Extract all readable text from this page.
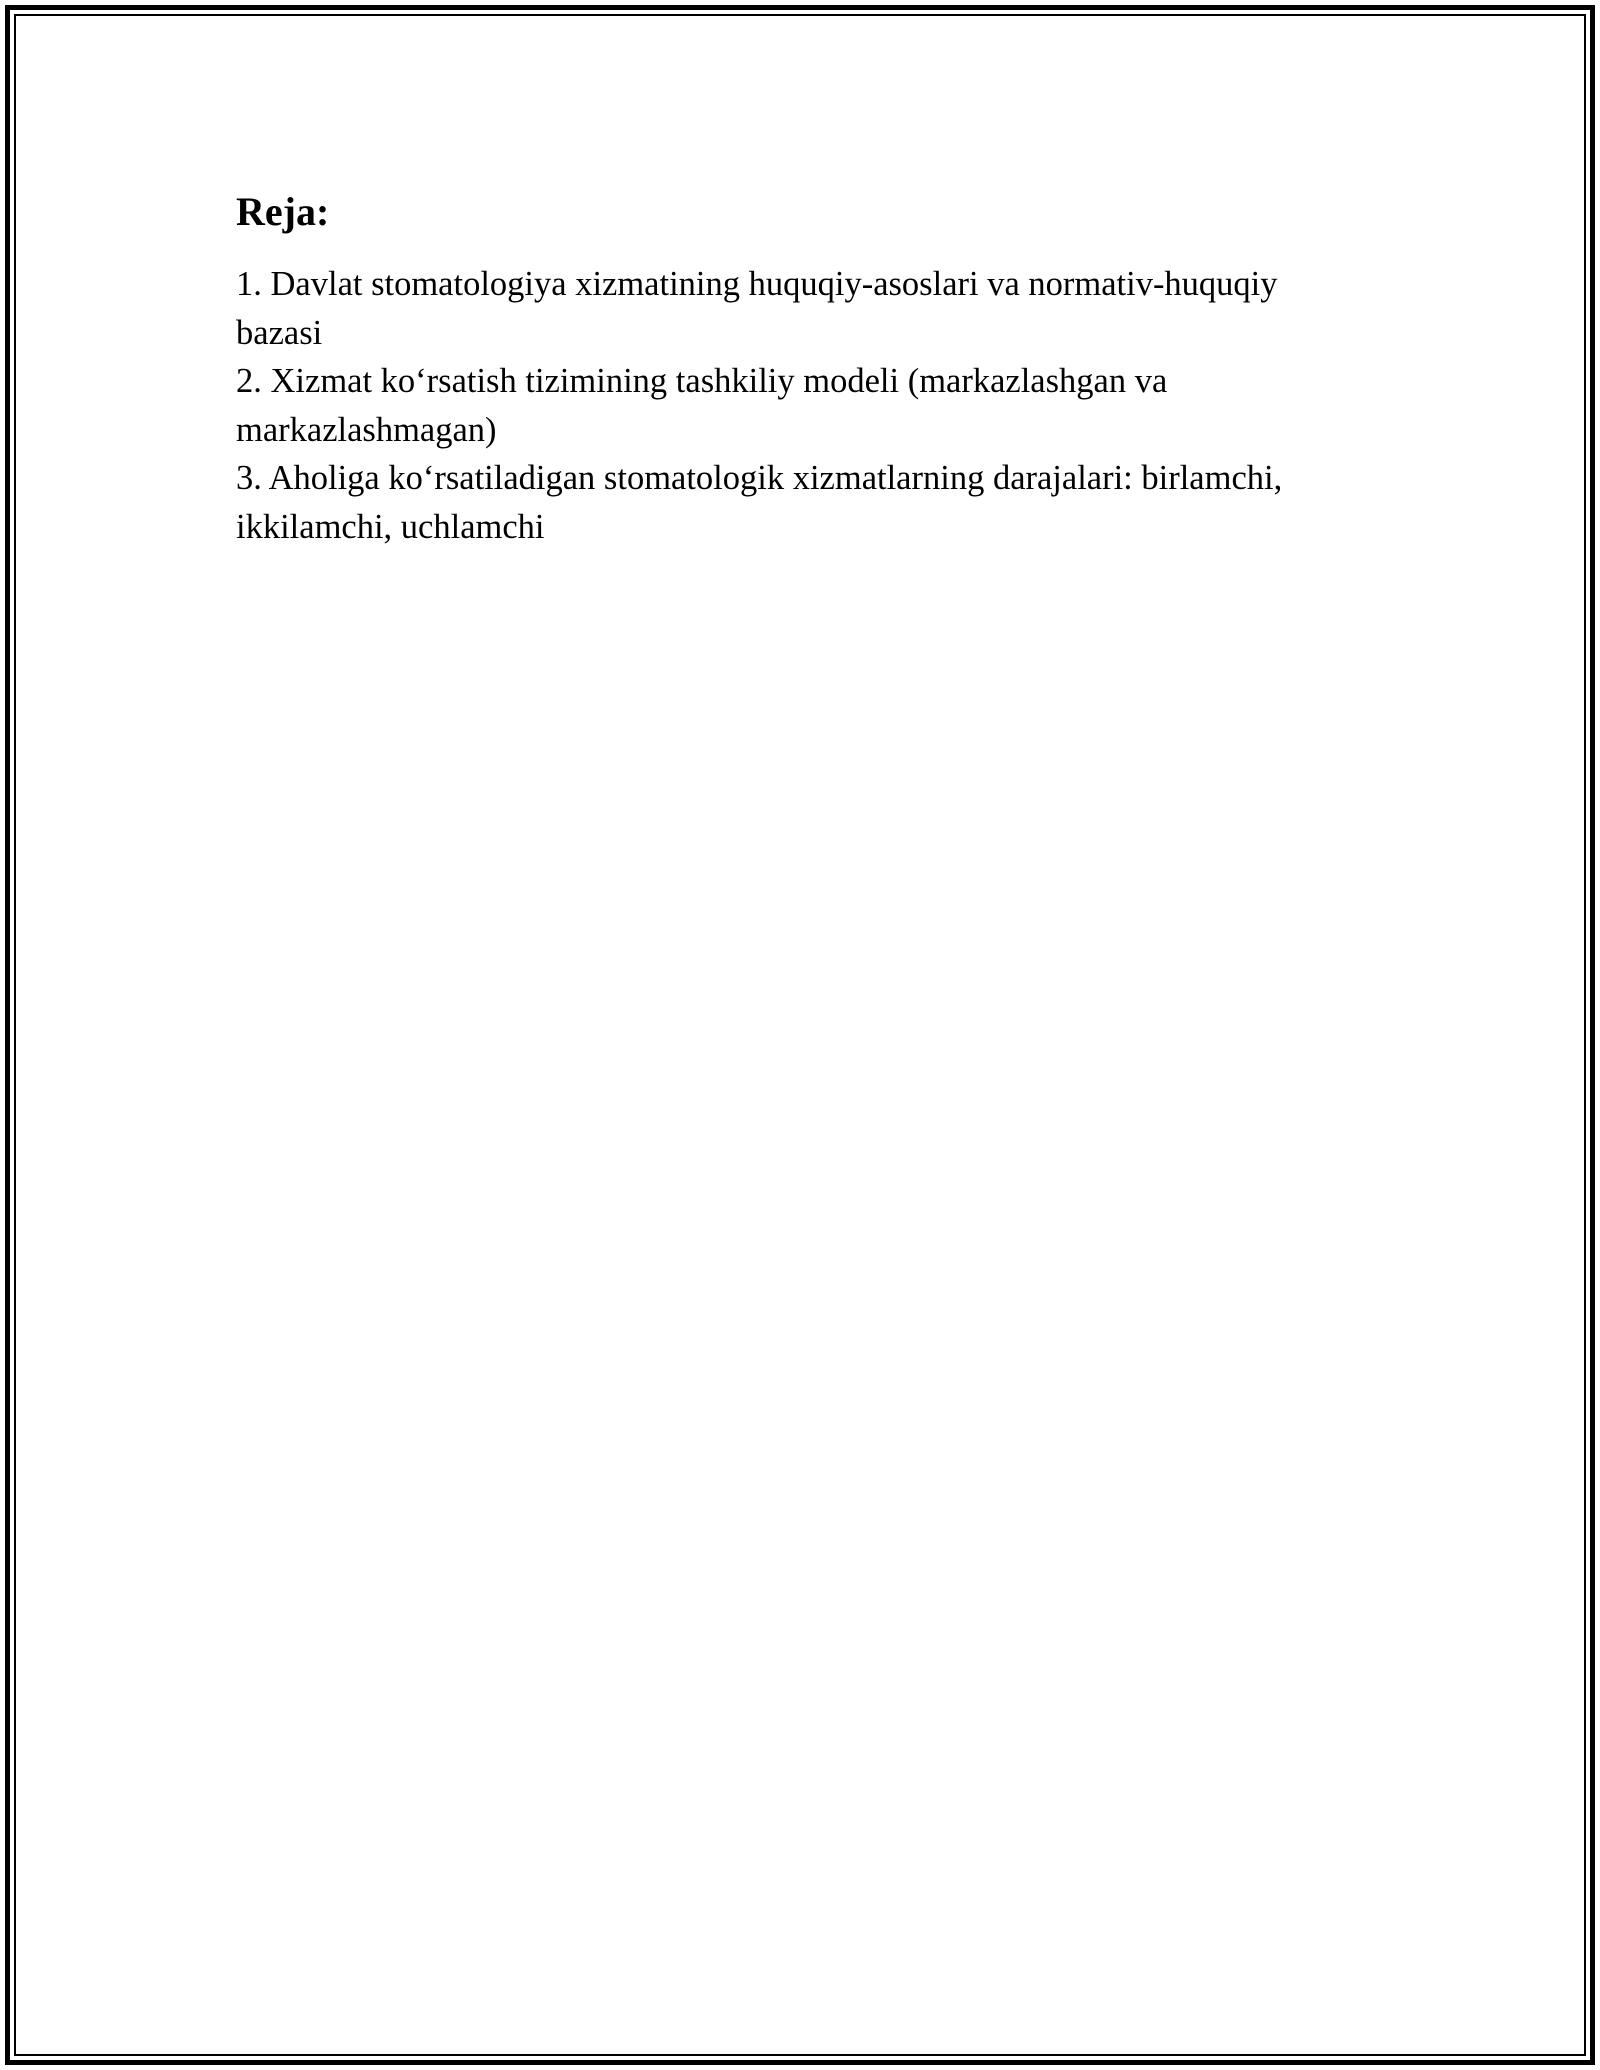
Reja:
1. Davlat stomatologiya xizmatining huquqiy-asoslari va normativ-huquqiy bazasi
2. Xizmat ko‘rsatish tizimining tashkiliy modeli (markazlashgan va markazlashmagan)
3. Aholiga ko‘rsatiladigan stomatologik xizmatlarning darajalari: birlamchi, ikkilamchi, uchlamchi
